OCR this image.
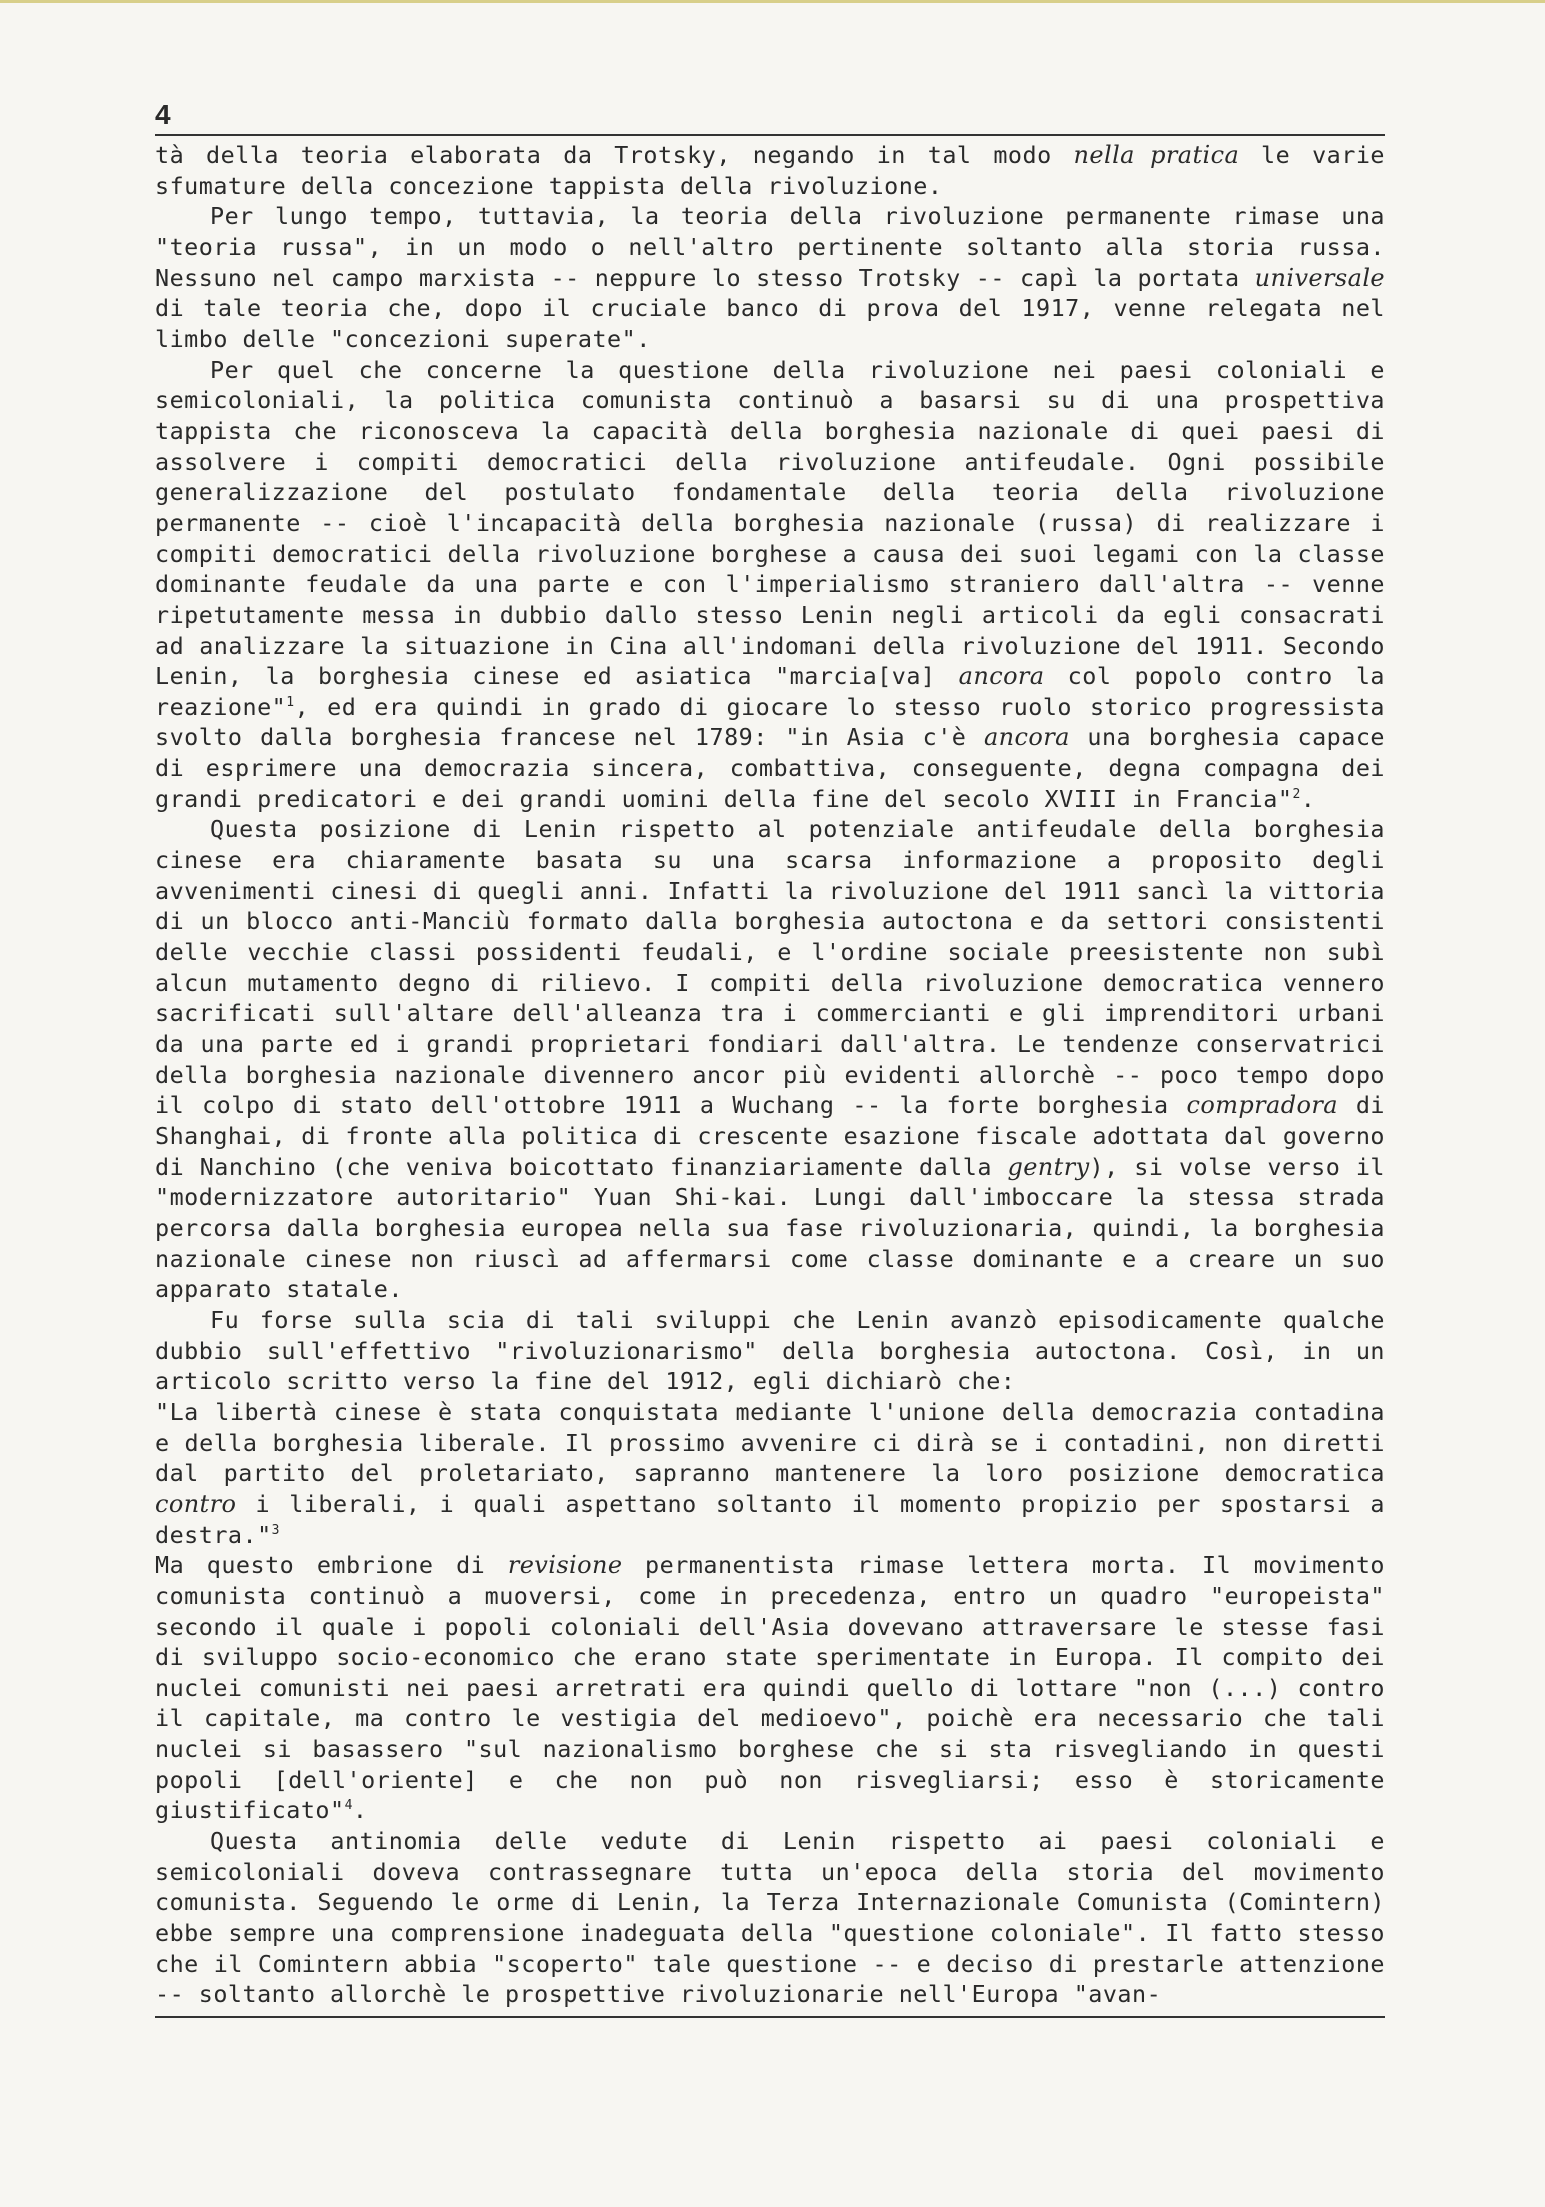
4

tà della teoria elaborata da Trotsky, negando in tal modo nella pratica le varie sfumature della concezione tappista della rivoluzione.

Per lungo tempo, tuttavia, la teoria della rivoluzione permanente rimase una "teoria russa", in un modo o nell'altro pertinente soltanto alla storia russa. Nessuno nel campo marxista -- neppure lo stesso Trotsky -- capì la portata universale di tale teoria che, dopo il cruciale banco di prova del 1917, venne relegata nel limbo delle "concezioni superate".

Per quel che concerne la questione della rivoluzione nei paesi coloniali e semicoloniali, la politica comunista continuò a basarsi su di una prospettiva tappista che riconosceva la capacità della borghesia nazionale di quei paesi di assolvere i compiti democratici della rivoluzione antifeudale. Ogni possibile generalizzazione del postulato fondamentale della teoria della rivoluzione permanente -- cioè l'incapacità della borghesia nazionale (russa) di realizzare i compiti democratici della rivoluzione borghese a causa dei suoi legami con la classe dominante feudale da una parte e con l'imperialismo straniero dall'altra -- venne ripetutamente messa in dubbio dallo stesso Lenin negli articoli da egli consacrati ad analizzare la situazione in Cina all'indomani della rivoluzione del 1911. Secondo Lenin, la borghesia cinese ed asiatica "marcia[va] ancora col popolo contro la reazione"$^1$, ed era quindi in grado di giocare lo stesso ruolo storico progressista svolto dalla borghesia francese nel 1789: "in Asia c'è ancora una borghesia capace di esprimere una democrazia sincera, combattiva, conseguente, degna compagna dei grandi predicatori e dei grandi uomini della fine del secolo XVIII in Francia"$^2$.

Questa posizione di Lenin rispetto al potenziale antifeudale della borghesia cinese era chiaramente basata su una scarsa informazione a proposito degli avvenimenti cinesi di quegli anni. Infatti la rivoluzione del 1911 sancì la vittoria di un blocco anti-Manciù formato dalla borghesia autoctona e da settori consistenti delle vecchie classi possidenti feudali, e l'ordine sociale preesistente non subì alcun mutamento degno di rilievo. I compiti della rivoluzione democratica vennero sacrificati sull'altare dell'alleanza tra i commercianti e gli imprenditori urbani da una parte ed i grandi proprietari fondiari dall'altra. Le tendenze conservatrici della borghesia nazionale divennero ancor più evidenti allorchè -- poco tempo dopo il colpo di stato dell'ottobre 1911 a Wuchang -- la forte borghesia compradora di Shanghai, di fronte alla politica di crescente esazione fiscale adottata dal governo di Nanchino (che veniva boicottato finanziariamente dalla gentry), si volse verso il "modernizzatore autoritario" Yuan Shi-kai. Lungi dall'imboccare la stessa strada percorsa dalla borghesia europea nella sua fase rivoluzionaria, quindi, la borghesia nazionale cinese non riuscì ad affermarsi come classe dominante e a creare un suo apparato statale.

Fu forse sulla scia di tali sviluppi che Lenin avanzò episodicamente qualche dubbio sull'effettivo "rivoluzionarismo" della borghesia autoctona. Così, in un articolo scritto verso la fine del 1912, egli dichiarò che:

"La libertà cinese è stata conquistata mediante l'unione della democrazia contadina e della borghesia liberale. Il prossimo avvenire ci dirà se i contadini, non diretti dal partito del proletariato, sapranno mantenere la loro posizione democratica contro i liberali, i quali aspettano soltanto il momento propizio per spostarsi a destra."$^3$

Ma questo embrione di revisione permanentista rimase lettera morta. Il movimento comunista continuò a muoversi, come in precedenza, entro un quadro "europeista" secondo il quale i popoli coloniali dell'Asia dovevano attraversare le stesse fasi di sviluppo socio-economico che erano state sperimentate in Europa. Il compito dei nuclei comunisti nei paesi arretrati era quindi quello di lottare "non (...) contro il capitale, ma contro le vestigia del medioevo", poichè era necessario che tali nuclei si basassero "sul nazionalismo borghese che si sta risvegliando in questi popoli [dell'oriente] e che non può non risvegliarsi; esso è storicamente giustificato"$^4$.

Questa antinomia delle vedute di Lenin rispetto ai paesi coloniali e semicoloniali doveva contrassegnare tutta un'epoca della storia del movimento comunista. Seguendo le orme di Lenin, la Terza Internazionale Comunista (Comintern) ebbe sempre una comprensione inadeguata della "questione coloniale". Il fatto stesso che il Comintern abbia "scoperto" tale questione -- e deciso di prestarle attenzione -- soltanto allorchè le prospettive rivoluzionarie nell'Europa "avan-
